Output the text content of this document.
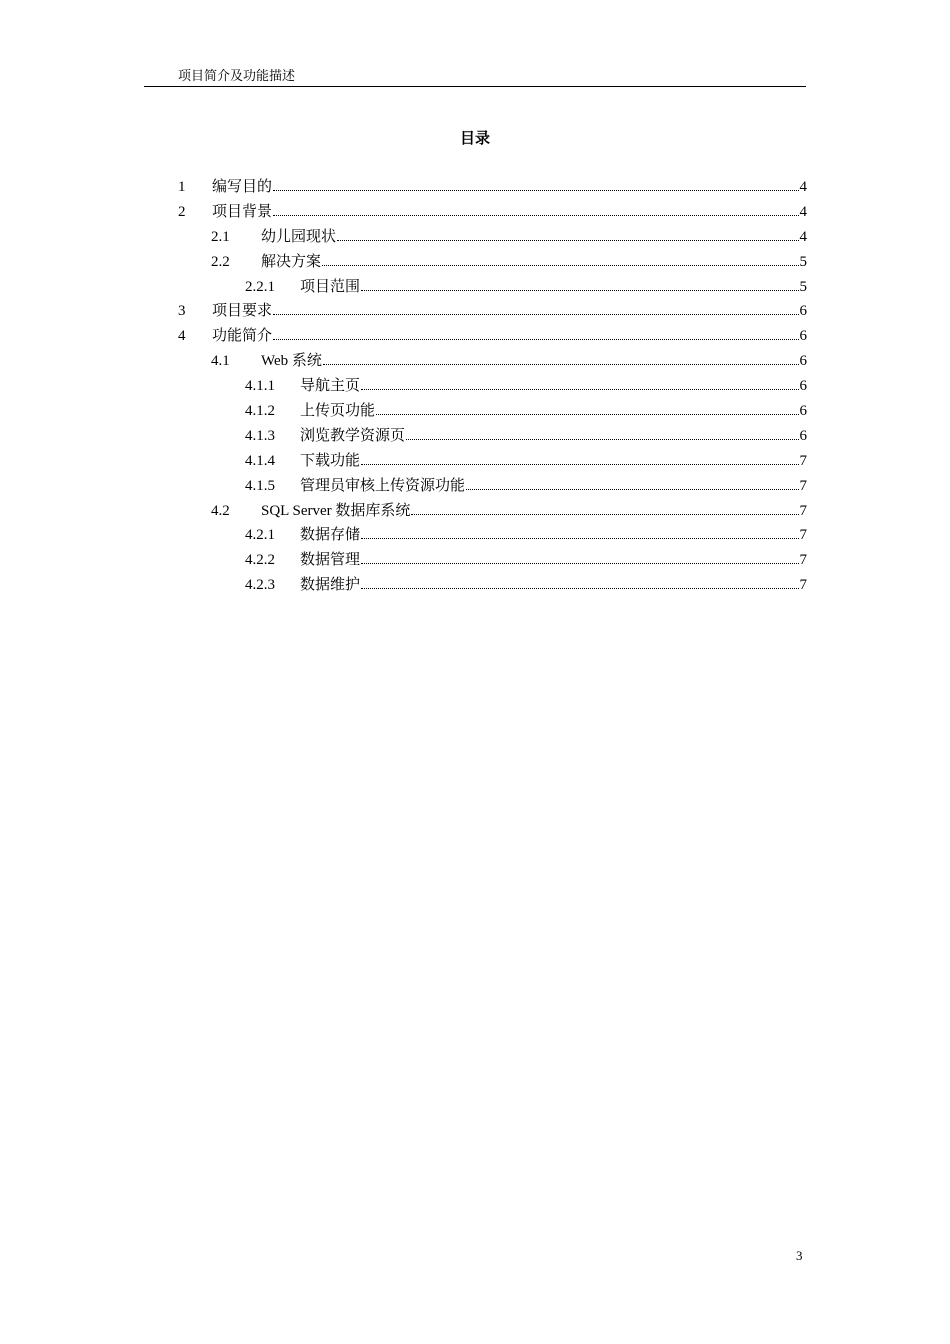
项目简介及功能描述
目录
1	编写目的	4
2	项目背景	4
2.1	幼儿园现状	4
2.2	解决方案	5
2.2.1	项目范围	5
3	项目要求	6
4	功能简介	6
4.1	Web 系统	6
4.1.1	导航主页	6
4.1.2	上传页功能	6
4.1.3	浏览教学资源页	6
4.1.4	下载功能	7
4.1.5	管理员审核上传资源功能	7
4.2	SQL Server 数据库系统	7
4.2.1	数据存储	7
4.2.2	数据管理	7
4.2.3	数据维护	7
3
